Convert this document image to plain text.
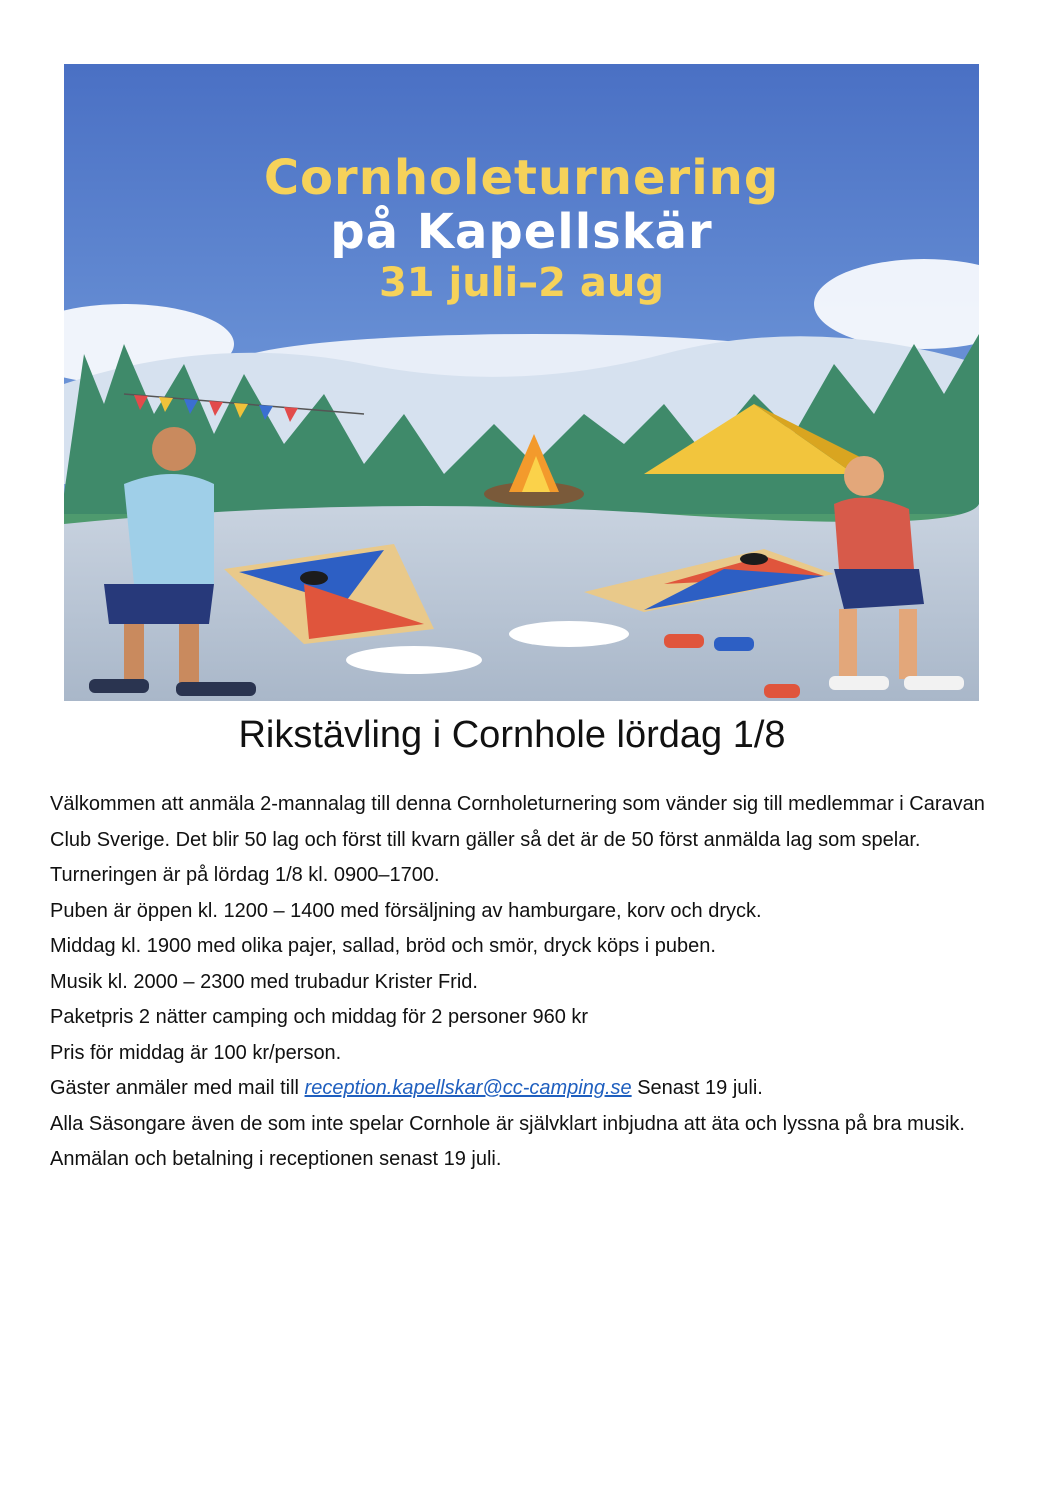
Cornholeturnering
på Kapellskär
31 juli–2 aug
Rikstävling i Cornhole lördag 1/8

Välkommen att anmäla 2-mannalag till denna Cornholeturnering som vänder sig till medlemmar i Caravan Club Sverige. Det blir 50 lag och först till kvarn gäller så det är de 50 först anmälda lag som spelar.

Turneringen är på lördag 1/8 kl. 0900–1700.

Puben är öppen kl. 1200 – 1400 med försäljning av hamburgare, korv och dryck.

Middag kl. 1900 med olika pajer, sallad, bröd och smör, dryck köps i puben.

Musik kl. 2000 – 2300 med trubadur Krister Frid.

Paketpris 2 nätter camping och middag för 2 personer 960 kr

Pris för middag är 100 kr/person.

Gäster anmäler med mail till reception.kapellskar@cc-camping.se Senast 19 juli.

Alla Säsongare även de som inte spelar Cornhole är självklart inbjudna att äta och lyssna på bra musik. Anmälan och betalning i receptionen senast 19 juli.
